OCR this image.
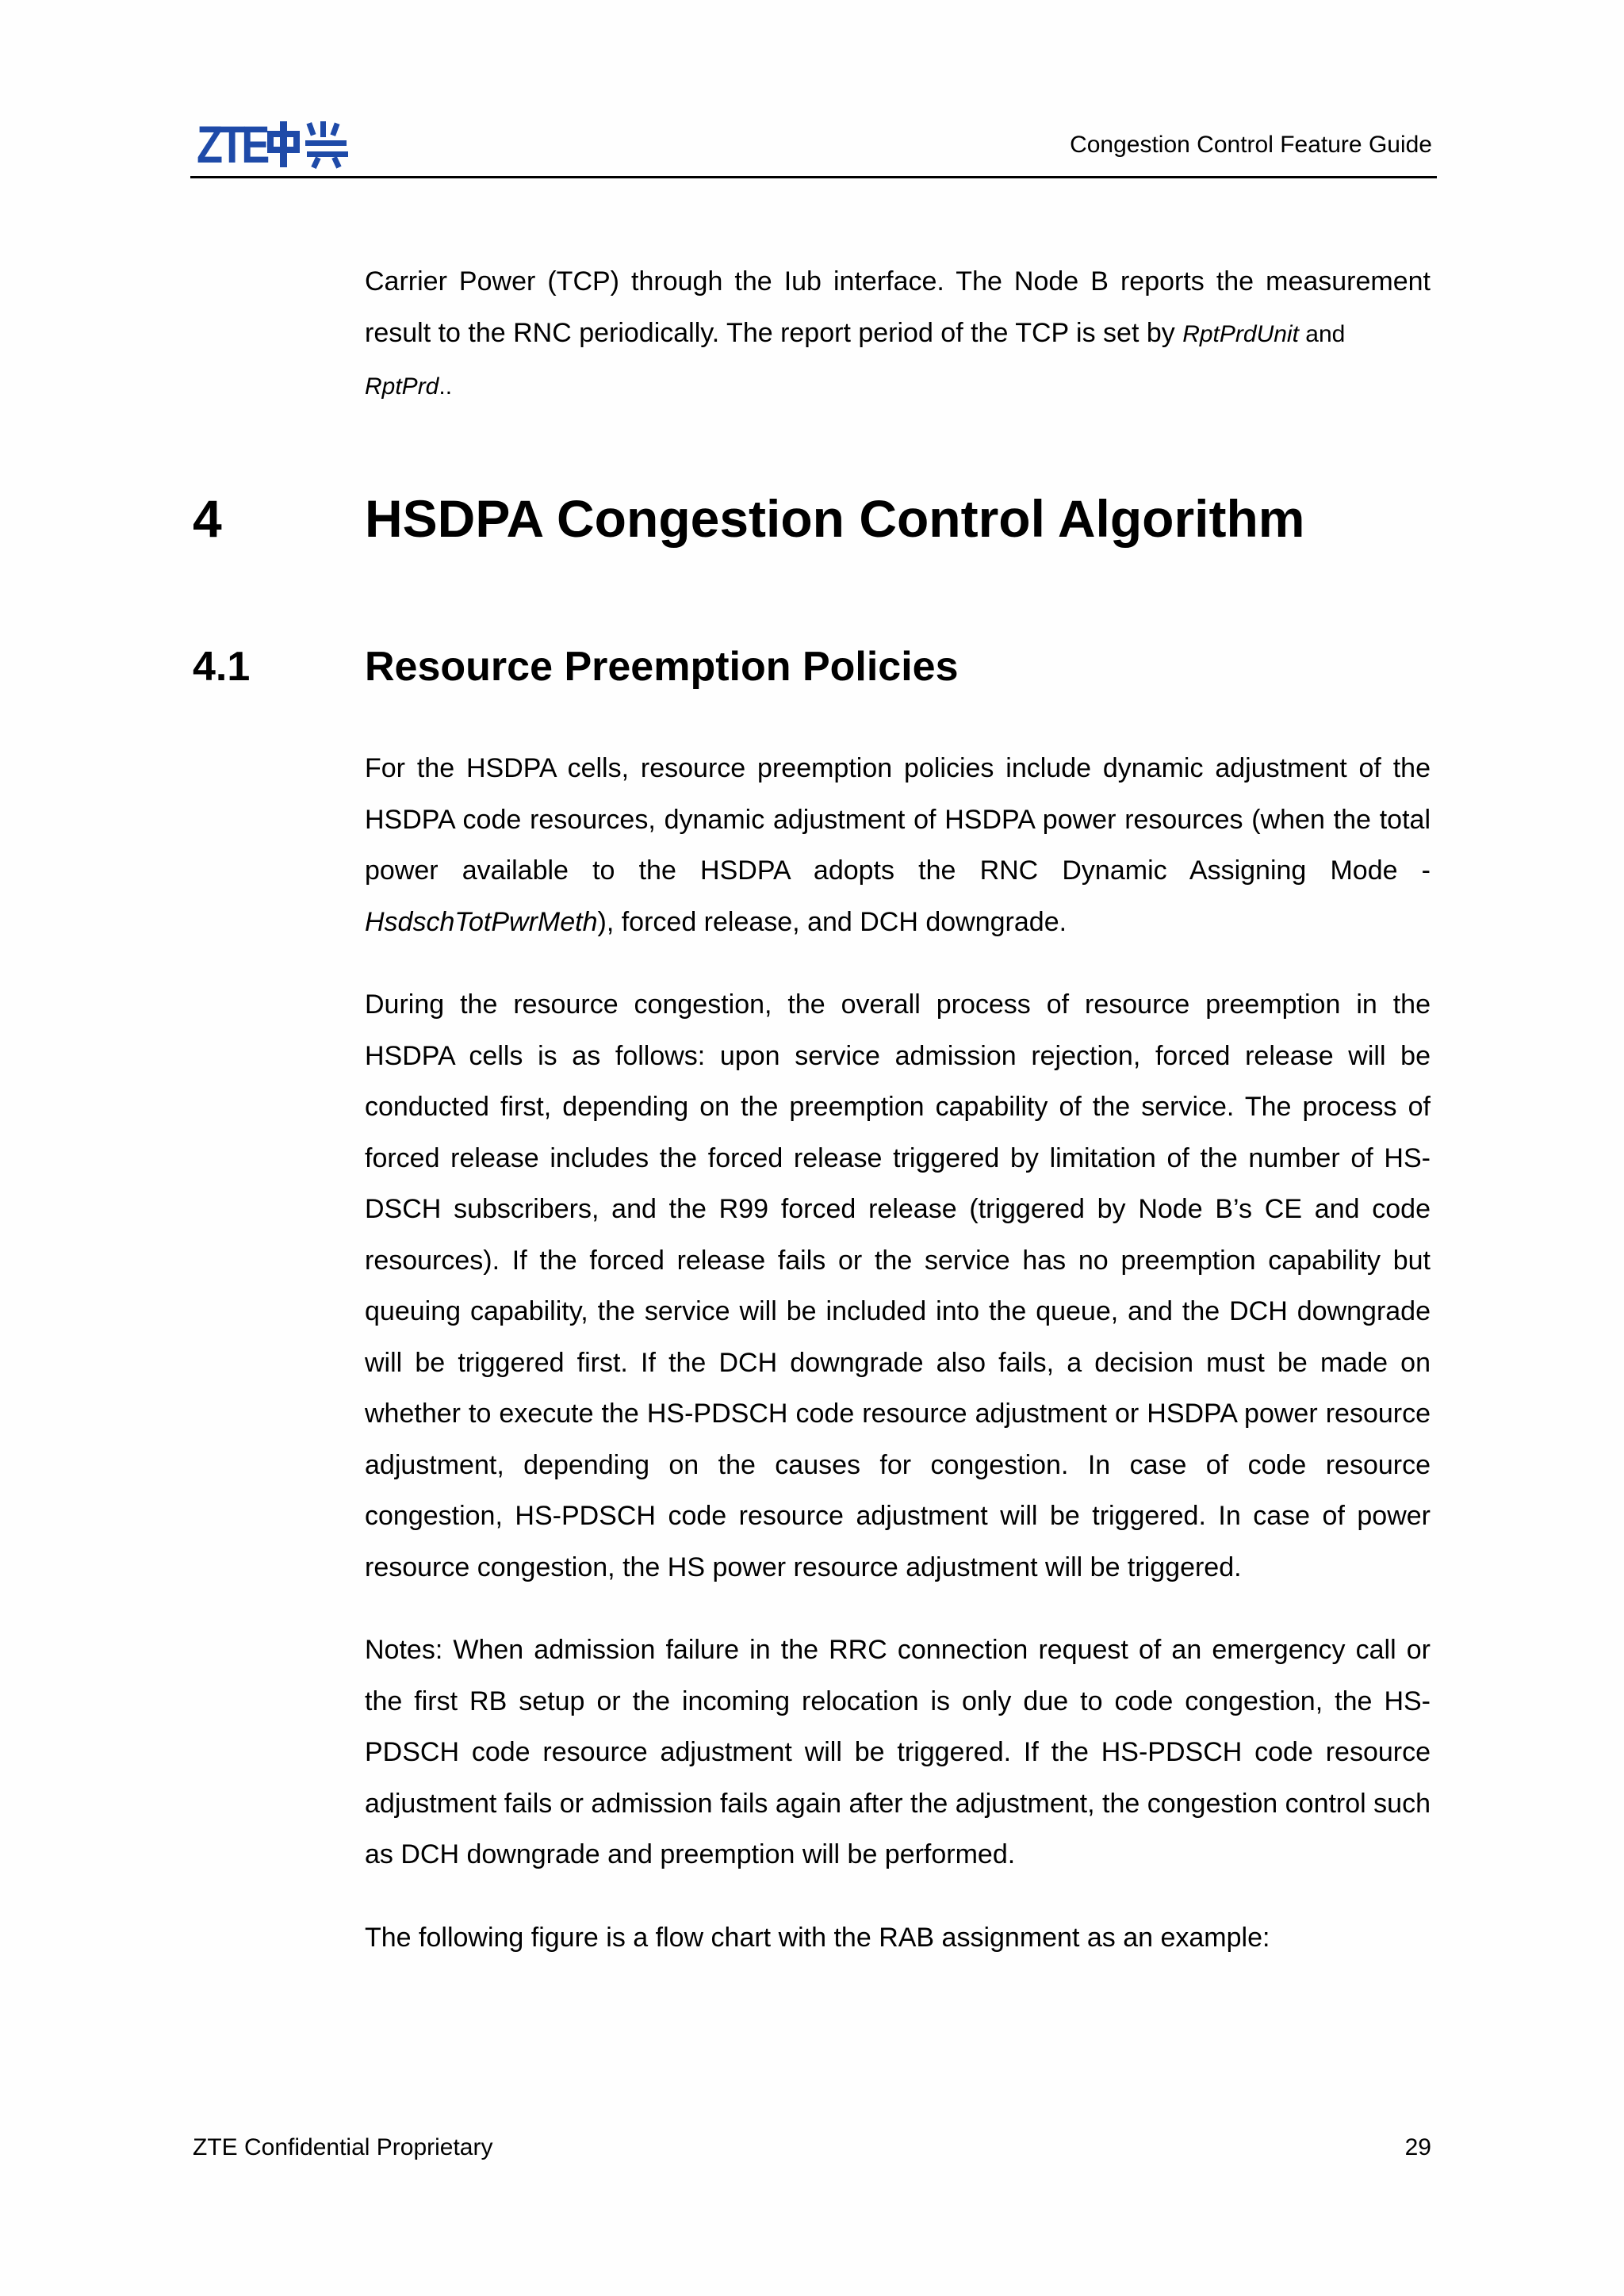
ZTE	Congestion Control Feature Guide

Carrier Power (TCP) through the Iub interface. The Node B reports the measurement result to the RNC periodically. The report period of the TCP is set by RptPrdUnit and
RptPrd..

4	HSDPA Congestion Control Algorithm
4.1	Resource Preemption Policies

For the HSDPA cells, resource preemption policies include dynamic adjustment of the HSDPA code resources, dynamic adjustment of HSDPA power resources (when the total power available to the HSDPA adopts the RNC Dynamic Assigning Mode - HsdschTotPwrMeth), forced release, and DCH downgrade.

During the resource congestion, the overall process of resource preemption in the HSDPA cells is as follows: upon service admission rejection, forced release will be conducted first, depending on the preemption capability of the service. The process of forced release includes the forced release triggered by limitation of the number of HS-DSCH subscribers, and the R99 forced release (triggered by Node B’s CE and code resources). If the forced release fails or the service has no preemption capability but queuing capability, the service will be included into the queue, and the DCH downgrade will be triggered first. If the DCH downgrade also fails, a decision must be made on whether to execute the HS-PDSCH code resource adjustment or HSDPA power resource adjustment, depending on the causes for congestion. In case of code resource congestion, HS-PDSCH code resource adjustment will be triggered. In case of power resource congestion, the HS power resource adjustment will be triggered.

Notes: When admission failure in the RRC connection request of an emergency call or the first RB setup or the incoming relocation is only due to code congestion, the HS-PDSCH code resource adjustment will be triggered. If the HS-PDSCH code resource adjustment fails or admission fails again after the adjustment, the congestion control such as DCH downgrade and preemption will be performed.

The following figure is a flow chart with the RAB assignment as an example:

ZTE Confidential Proprietary	29
